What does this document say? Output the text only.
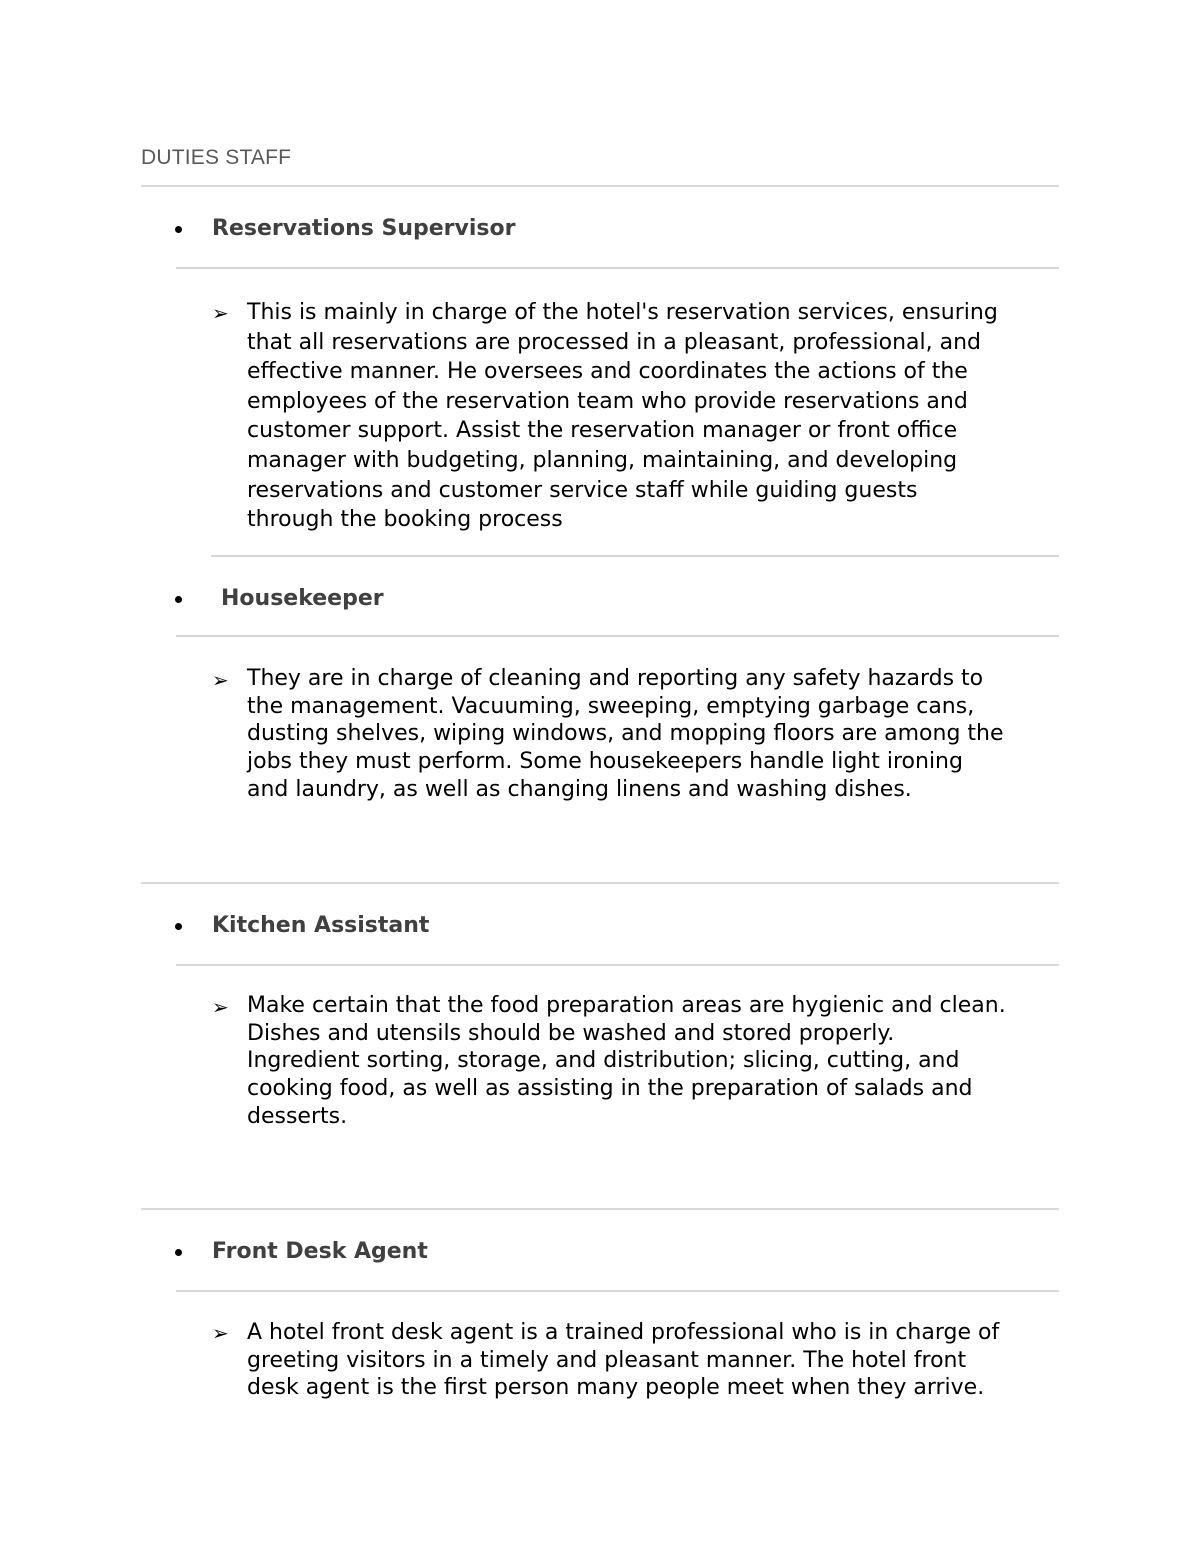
DUTIES STAFF
Reservations Supervisor
➢ This is mainly in charge of the hotel's reservation services, ensuring
that all reservations are processed in a pleasant, professional, and
effective manner. He oversees and coordinates the actions of the
employees of the reservation team who provide reservations and
customer support. Assist the reservation manager or front office
manager with budgeting, planning, maintaining, and developing
reservations and customer service staff while guiding guests
through the booking process
Housekeeper
➢ They are in charge of cleaning and reporting any safety hazards to
the management. Vacuuming, sweeping, emptying garbage cans,
dusting shelves, wiping windows, and mopping floors are among the
jobs they must perform. Some housekeepers handle light ironing
and laundry, as well as changing linens and washing dishes.
Kitchen Assistant
➢ Make certain that the food preparation areas are hygienic and clean.
Dishes and utensils should be washed and stored properly.
Ingredient sorting, storage, and distribution; slicing, cutting, and
cooking food, as well as assisting in the preparation of salads and
desserts.
Front Desk Agent
➢ A hotel front desk agent is a trained professional who is in charge of
greeting visitors in a timely and pleasant manner. The hotel front
desk agent is the first person many people meet when they arrive.
